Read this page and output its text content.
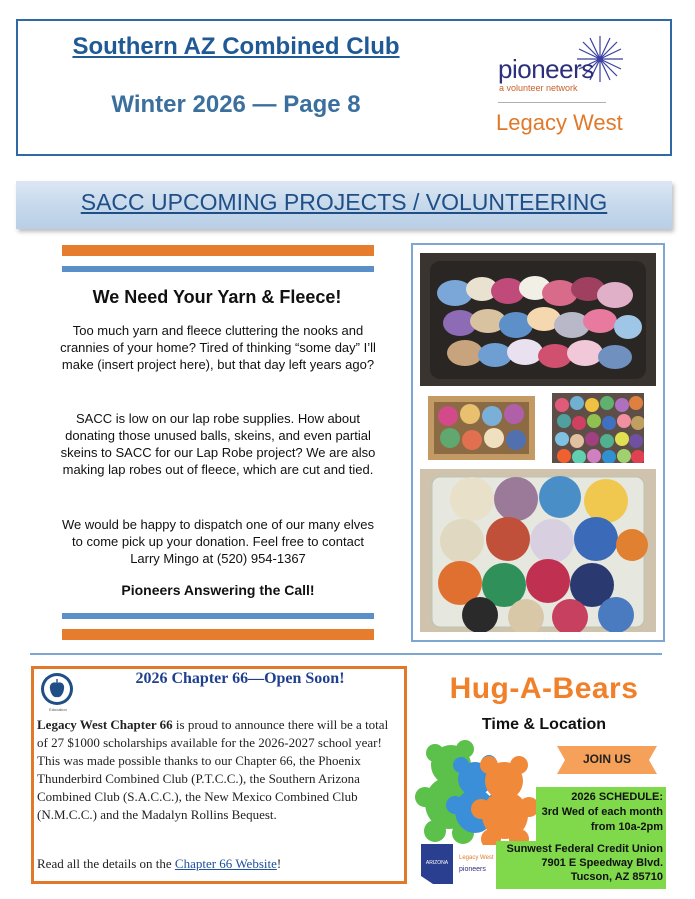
Southern AZ Combined Club
Winter 2026 — Page 8
pioneers
a volunteer network
Legacy West
SACC UPCOMING PROJECTS / VOLUNTEERING
We Need Your Yarn & Fleece!
Too much yarn and fleece cluttering the nooks and crannies of your home? Tired of thinking “some day” I’ll make (insert project here), but that day left years ago?
SACC is low on our lap robe supplies. How about donating those unused balls, skeins, and even partial skeins to SACC for our Lap Robe project? We are also making lap robes out of fleece, which are cut and tied.
We would be happy to dispatch one of our many elves to come pick up your donation. Feel free to contact Larry Mingo at (520) 954-1367
Pioneers Answering the Call!
Education
2026 Chapter 66—Open Soon!
Legacy West Chapter 66 is proud to announce there will be a total of 27 $1000 scholarships available for the 2026-2027 school year! This was made possible thanks to our Chapter 66, the Phoenix Thunderbird Combined Club (P.T.C.C.), the Southern Arizona Combined Club (S.A.C.C.), the New Mexico Combined Club (N.M.C.C.) and the Madalyn Rollins Bequest.
Read all the details on the Chapter 66 Website!
Hug-A-Bears
Time & Location
JOIN US
2026 SCHEDULE:
3rd Wed of each month
from 10a-2pm
Sunwest Federal Credit Union
7901 E Speedway Blvd.
Tucson, AZ 85710
ARIZONA
Legacy West
pioneers
